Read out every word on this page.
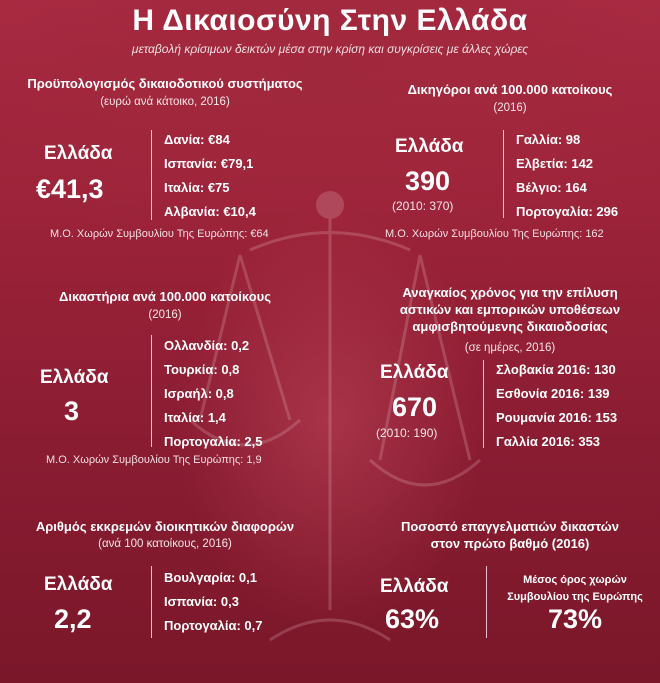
Η Δικαιοσύνη Στην Ελλάδα
μεταβολή κρίσιμων δεικτών μέσα στην κρίση και συγκρίσεις με άλλες χώρες
Προϋπολογισμός δικαιοδοτικού συστήματος
(ευρώ ανά κάτοικο, 2016)
Ελλάδα
€41,3
Δανία: €84
Ισπανία: €79,1
Ιταλία: €75
Αλβανία: €10,4
Μ.Ο. Χωρών Συμβουλίου Της Ευρώπης: €64
Δικηγόροι ανά 100.000 κατοίκους
(2016)
Ελλάδα
390
(2010: 370)
Γαλλία: 98
Ελβετία: 142
Βέλγιο: 164
Πορτογαλία: 296
Μ.Ο. Χωρών Συμβουλίου Της Ευρώπης: 162
Δικαστήρια ανά 100.000 κατοίκους
(2016)
Ελλάδα
3
Ολλανδία: 0,2
Τουρκία: 0,8
Ισραήλ: 0,8
Ιταλία: 1,4
Πορτογαλία: 2,5
Μ.Ο. Χωρών Συμβουλίου Της Ευρώπης: 1,9
Αναγκαίος χρόνος για την επίλυση
αστικών και εμπορικών υποθέσεων
αμφισβητούμενης δικαιοδοσίας
(σε ημέρες, 2016)
Ελλάδα
670
(2010: 190)
Σλοβακία 2016: 130
Εσθονία 2016: 139
Ρουμανία 2016: 153
Γαλλία 2016: 353
Αριθμός εκκρεμών διοικητικών διαφορών
(ανά 100 κατοίκους, 2016)
Ελλάδα
2,2
Βουλγαρία: 0,1
Ισπανία: 0,3
Πορτογαλία: 0,7
Ποσοστό επαγγελματιών δικαστών
στον πρώτο βαθμό (2016)
Ελλάδα
63%
Μέσος όρος χωρών
Συμβουλίου της Ευρώπης
73%
